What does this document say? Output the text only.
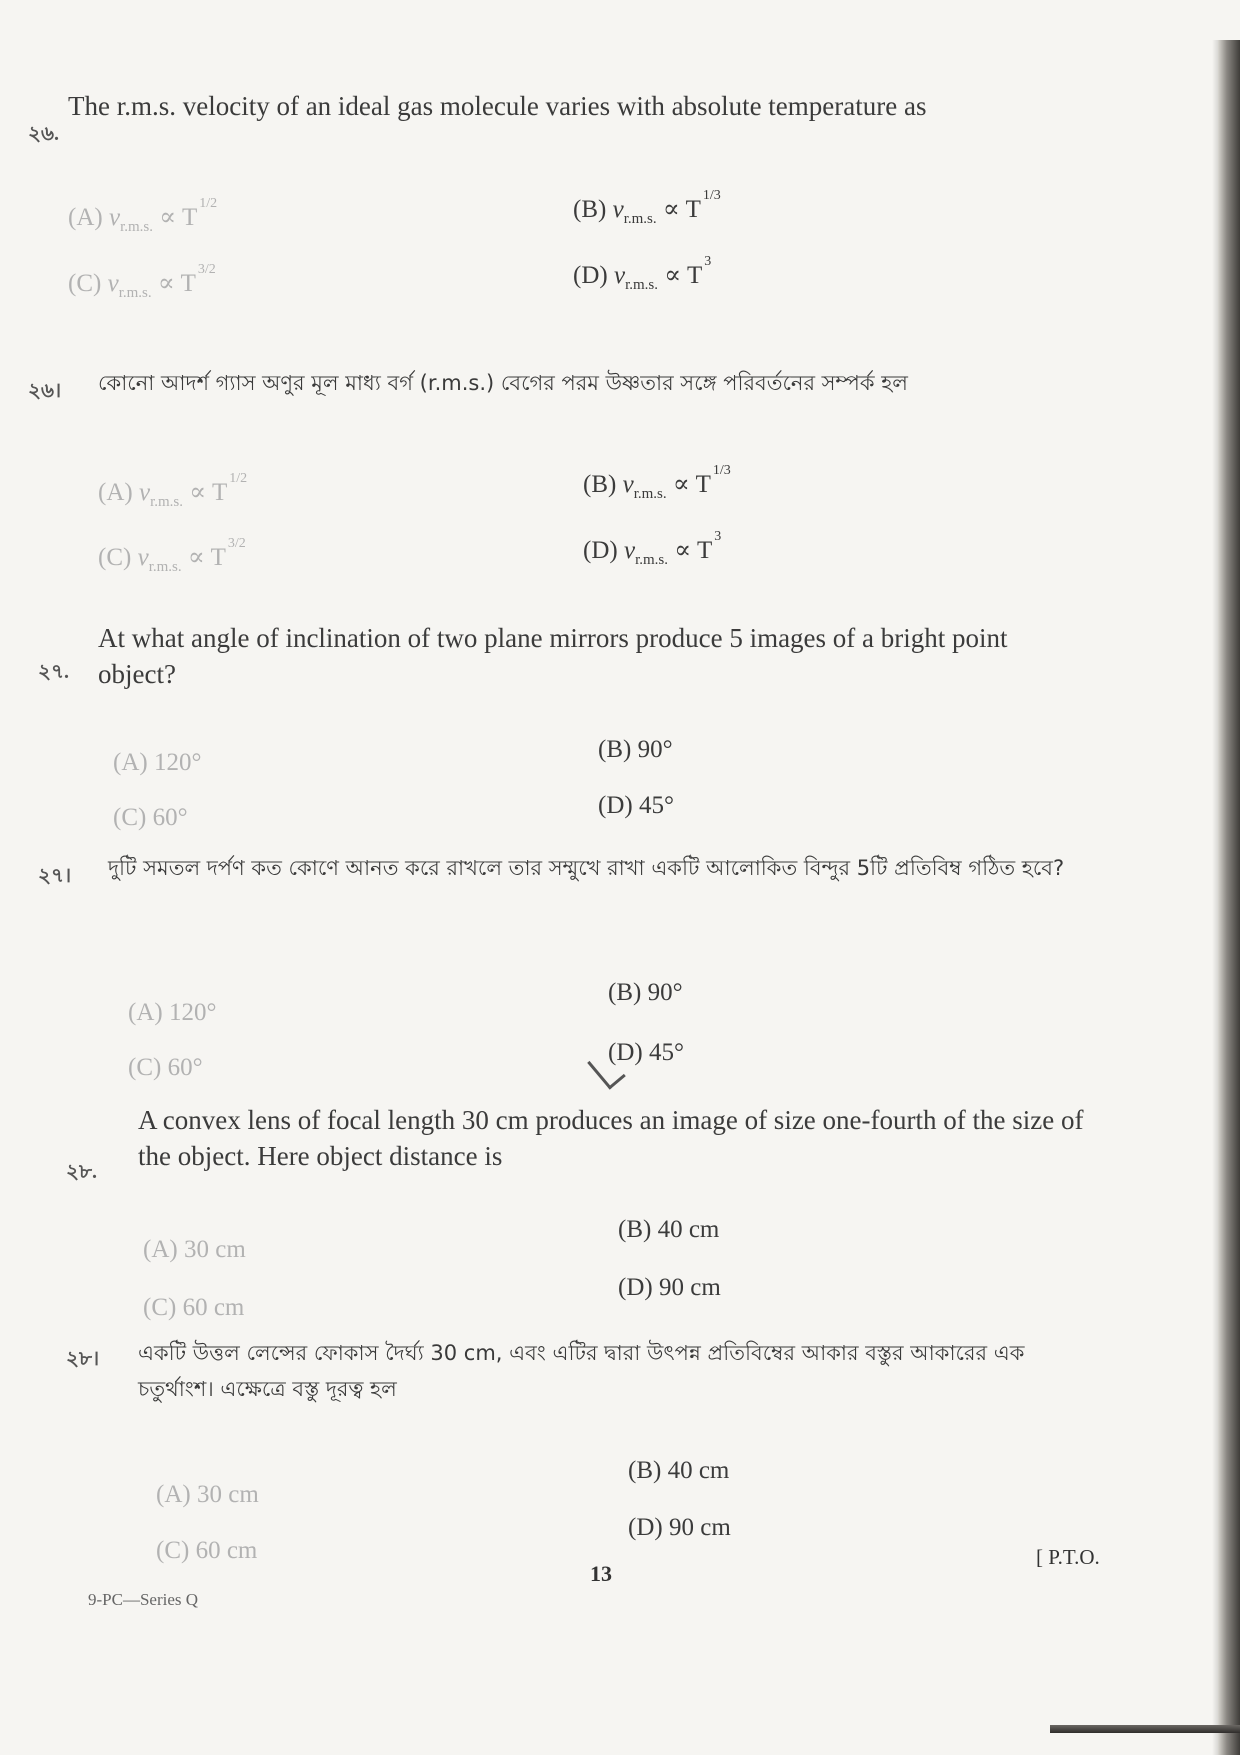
২৬.
The r.m.s. velocity of an ideal gas molecule varies with absolute temperature as
(A) $v_{r.m.s.} \propto T^{1/2}$	(B) $v_{r.m.s.} \propto T^{1/3}$
(C) $v_{r.m.s.} \propto T^{3/2}$	(D) $v_{r.m.s.} \propto T^3$
২৬। কোনো আদর্শ গ্যাস অণুর মূল মাধ্য বর্গ (r.m.s.) বেগের পরম উষ্ণতার সঙ্গে পরিবর্তনের সম্পর্ক হল
(A) $v_{r.m.s.} \propto T^{1/2}$	(B) $v_{r.m.s.} \propto T^{1/3}$
(C) $v_{r.m.s.} \propto T^{3/2}$	(D) $v_{r.m.s.} \propto T^3$
২৭.
At what angle of inclination of two plane mirrors produce 5 images of a bright point object?
(A) 120°	(B) 90°
(C) 60°	(D) 45°
২৭। দুটি সমতল দর্পণ কত কোণে আনত করে রাখলে তার সম্মুখে রাখা একটি আলোকিত বিন্দুর 5টি প্রতিবিম্ব গঠিত হবে?
(A) 120°
(B) 90°
(C) 60°
(D) 45°
২৮.
A convex lens of focal length 30 cm produces an image of size one-fourth of the size of the object. Here object distance is
(A) 30 cm
(B) 40 cm
(C) 60 cm
(D) 90 cm
২৮। একটি উত্তল লেন্সের ফোকাস দৈর্ঘ্য 30 cm, এবং এটির দ্বারা উৎপন্ন প্রতিবিম্বের আকার বস্তুর আকারের এক চতুর্থাংশ। এক্ষেত্রে বস্তু দূরত্ব হল
(A) 30 cm
(B) 40 cm
(C) 60 cm
(D) 90 cm
13
[ P.T.O.
9-PC—Series Q
